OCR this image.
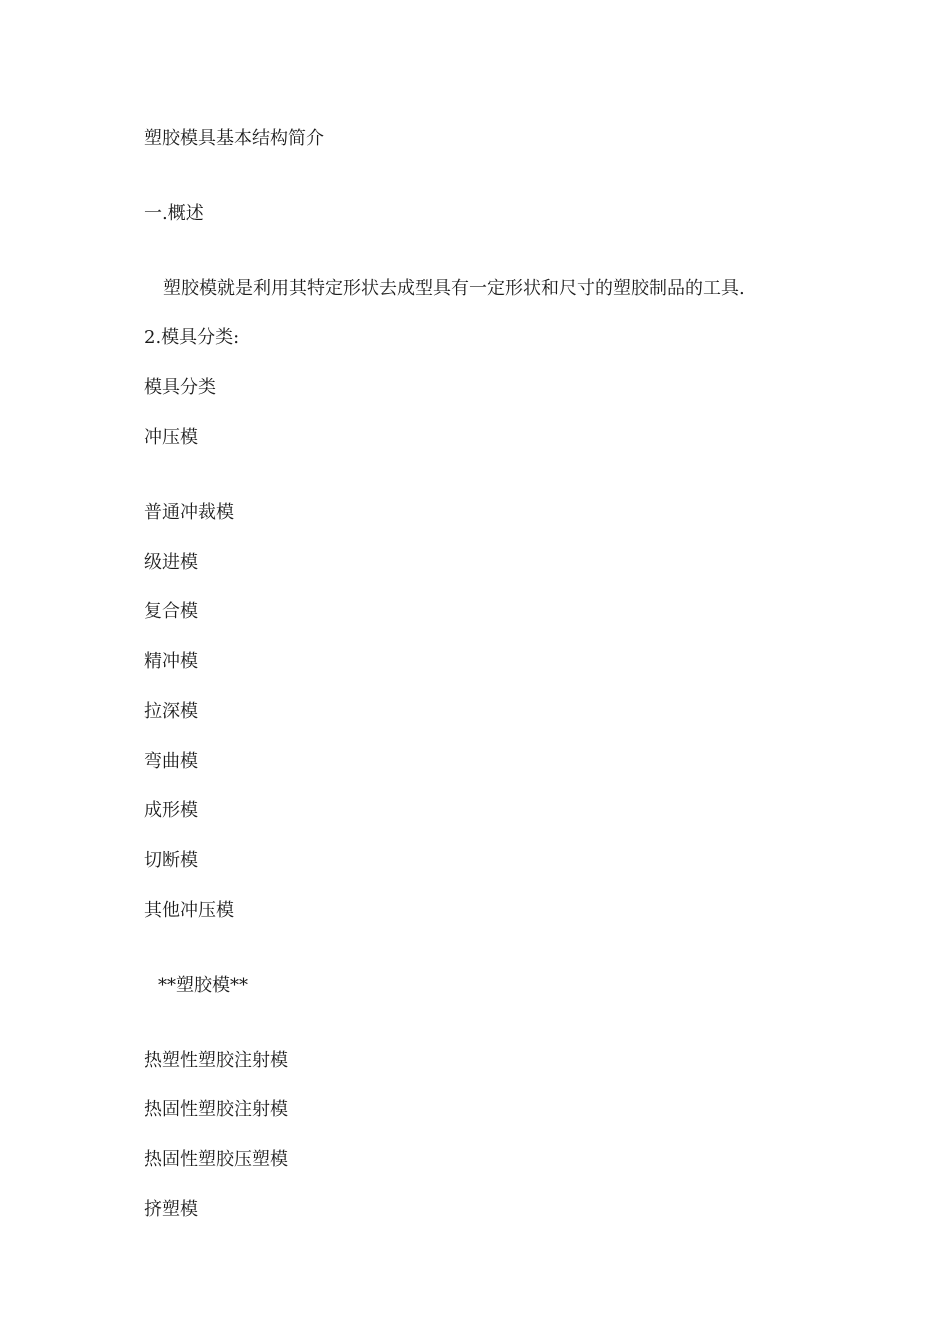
塑胶模具基本结构简介
一.概述
塑胶模就是利用其特定形状去成型具有一定形状和尺寸的塑胶制品的工具.
2.模具分类:
模具分类
冲压模
普通冲裁模
级进模
复合模
精冲模
拉深模
弯曲模
成形模
切断模
其他冲压模
**塑胶模**
热塑性塑胶注射模
热固性塑胶注射模
热固性塑胶压塑模
挤塑模
